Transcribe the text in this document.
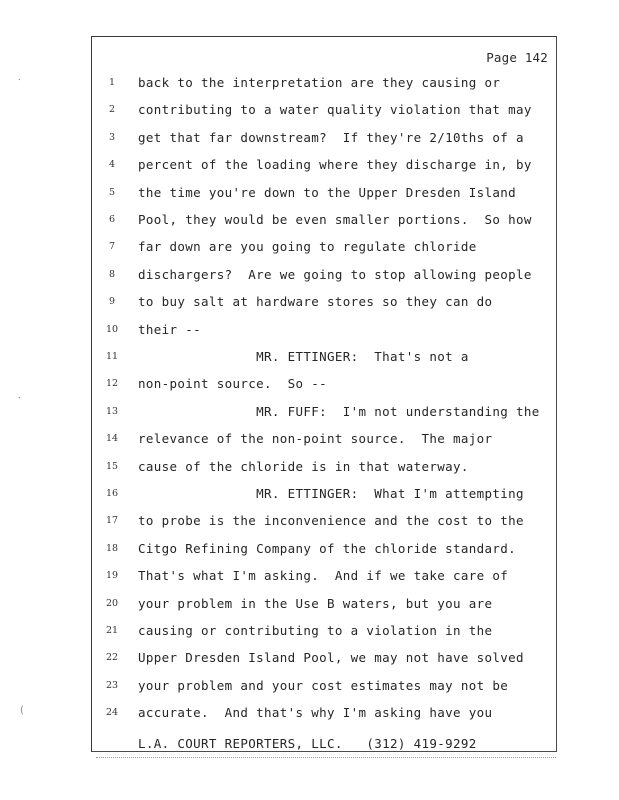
Page 142
1	back to the interpretation are they causing or
2	contributing to a water quality violation that may
3	get that far downstream?  If they're 2/10ths of a
4	percent of the loading where they discharge in, by
5	the time you're down to the Upper Dresden Island
6	Pool, they would be even smaller portions.  So how
7	far down are you going to regulate chloride
8	dischargers?  Are we going to stop allowing people
9	to buy salt at hardware stores so they can do
10 their --
11 MR. ETTINGER:  That's not a
12 non-point source.  So --
13 MR. FUFF:  I'm not understanding the
14 relevance of the non-point source.  The major
15 cause of the chloride is in that waterway.
16 MR. ETTINGER:  What I'm attempting
17 to probe is the inconvenience and the cost to the
18 Citgo Refining Company of the chloride standard.
19 That's what I'm asking.  And if we take care of
20 your problem in the Use B waters, but you are
21 causing or contributing to a violation in the
22 Upper Dresden Island Pool, we may not have solved
23 your problem and your cost estimates may not be
24 accurate.  And that's why I'm asking have you
L.A. COURT REPORTERS, LLC.   (312) 419-9292
⸱
⸱
(
